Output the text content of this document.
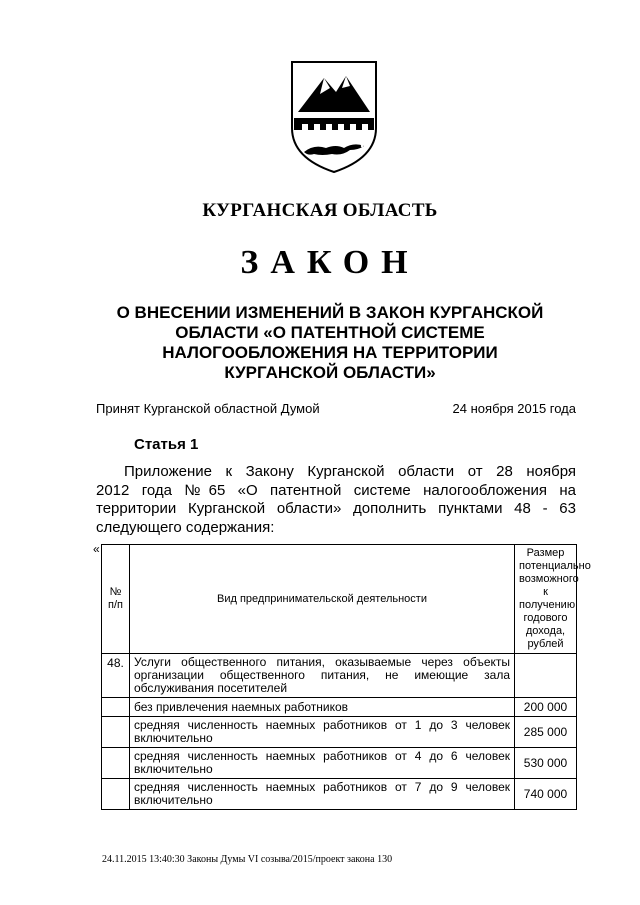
КУРГАНСКАЯ ОБЛАСТЬ
ЗАКОН
О ВНЕСЕНИИ ИЗМЕНЕНИЙ В ЗАКОН КУРГАНСКОЙ
ОБЛАСТИ «О ПАТЕНТНОЙ СИСТЕМЕ
НАЛОГООБЛОЖЕНИЯ НА ТЕРРИТОРИИ
КУРГАНСКОЙ ОБЛАСТИ»
Принят Курганской областной Думой	24 ноября 2015 года
Статья 1
Приложение к Закону Курганской области от 28 ноября
2012 года №65 «О патентной системе налогообложения на
территории Курганской области» дополнить пунктами 48 - 63
следующего содержания:
«
№ п/п	Вид предпринимательской деятельности	Размер потенциально возможного к получению годового дохода, рублей
48.	Услуги общественного питания, оказываемые через объекты организации общественного питания, не имеющие зала обслуживания посетителей	
	без привлечения наемных работников	200 000
	средняя численность наемных работников от 1 до 3 человек включительно	285 000
	средняя численность наемных работников от 4 до 6 человек включительно	530 000
	средняя численность наемных работников от 7 до 9 человек включительно	740 000
24.11.2015 13:40:30 Законы Думы VI созыва/2015/проект закона 130
